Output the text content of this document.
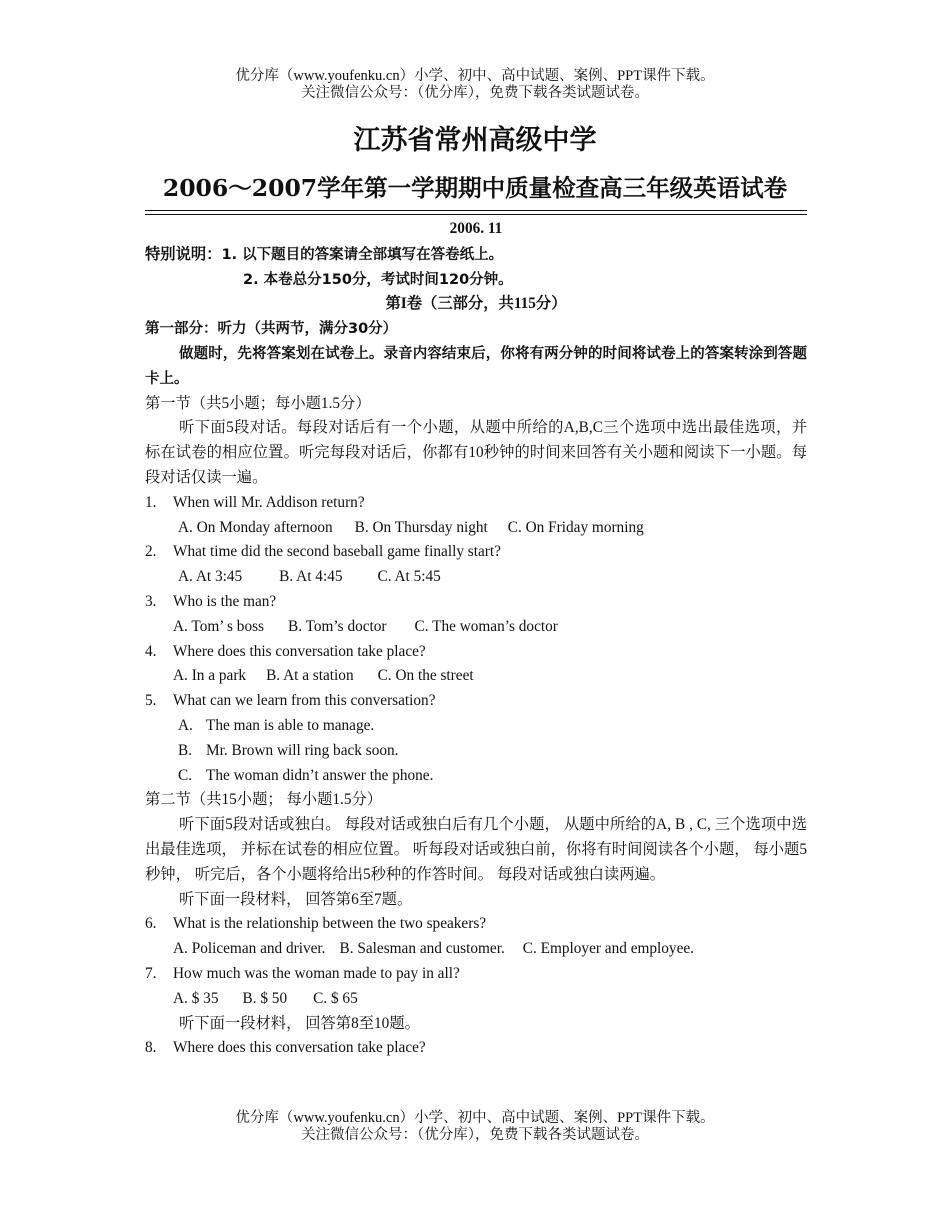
优分库（www.youfenku.cn）小学、初中、高中试题、案例、PPT课件下载。
关注微信公众号：（优分库），免费下载各类试题试卷。
江苏省常州高级中学
2006～2007学年第一学期期中质量检查高三年级英语试卷
2006. 11
特别说明：1. 以下题目的答案请全部填写在答卷纸上。
2. 本卷总分150分，考试时间120分钟。
第I卷（三部分，共115分）
第一部分：听力（共两节，满分30分）
做题时，先将答案划在试卷上。录音内容结束后，你将有两分钟的时间将试卷上的答案转涂到答题卡上。
第一节（共5小题；每小题1.5分）
听下面5段对话。每段对话后有一个小题，从题中所给的A,B,C三个选项中选出最佳选项，并标在试卷的相应位置。听完每段对话后，你都有10秒钟的时间来回答有关小题和阅读下一小题。每段对话仅读一遍。
1. When will Mr. Addison return?
A. On Monday afternoon B. On Thursday night C. On Friday morning
2. What time did the second baseball game finally start?
A. At 3:45 B. At 4:45 C. At 5:45
3. Who is the man?
A. Tom’ s boss B. Tom’s doctor C. The woman’s doctor
4. Where does this conversation take place?
A. In a park B. At a station C. On the street
5. What can we learn from this conversation?
A. The man is able to manage.
B. Mr. Brown will ring back soon.
C. The woman didn’t answer the phone.
第二节（共15小题； 每小题1.5分）
听下面5段对话或独白。 每段对话或独白后有几个小题， 从题中所给的A, B , C, 三个选项中选出最佳选项， 并标在试卷的相应位置。 听每段对话或独白前，你将有时间阅读各个小题， 每小题5秒钟， 听完后，各个小题将给出5秒种的作答时间。 每段对话或独白读两遍。
听下面一段材料， 回答第6至7题。
6. What is the relationship between the two speakers?
A. Policeman and driver. B. Salesman and customer. C. Employer and employee.
7. How much was the woman made to pay in all?
A. $ 35 B. $ 50 C. $ 65
听下面一段材料， 回答第8至10题。
8. Where does this conversation take place?
优分库（www.youfenku.cn）小学、初中、高中试题、案例、PPT课件下载。
关注微信公众号：（优分库），免费下载各类试题试卷。
